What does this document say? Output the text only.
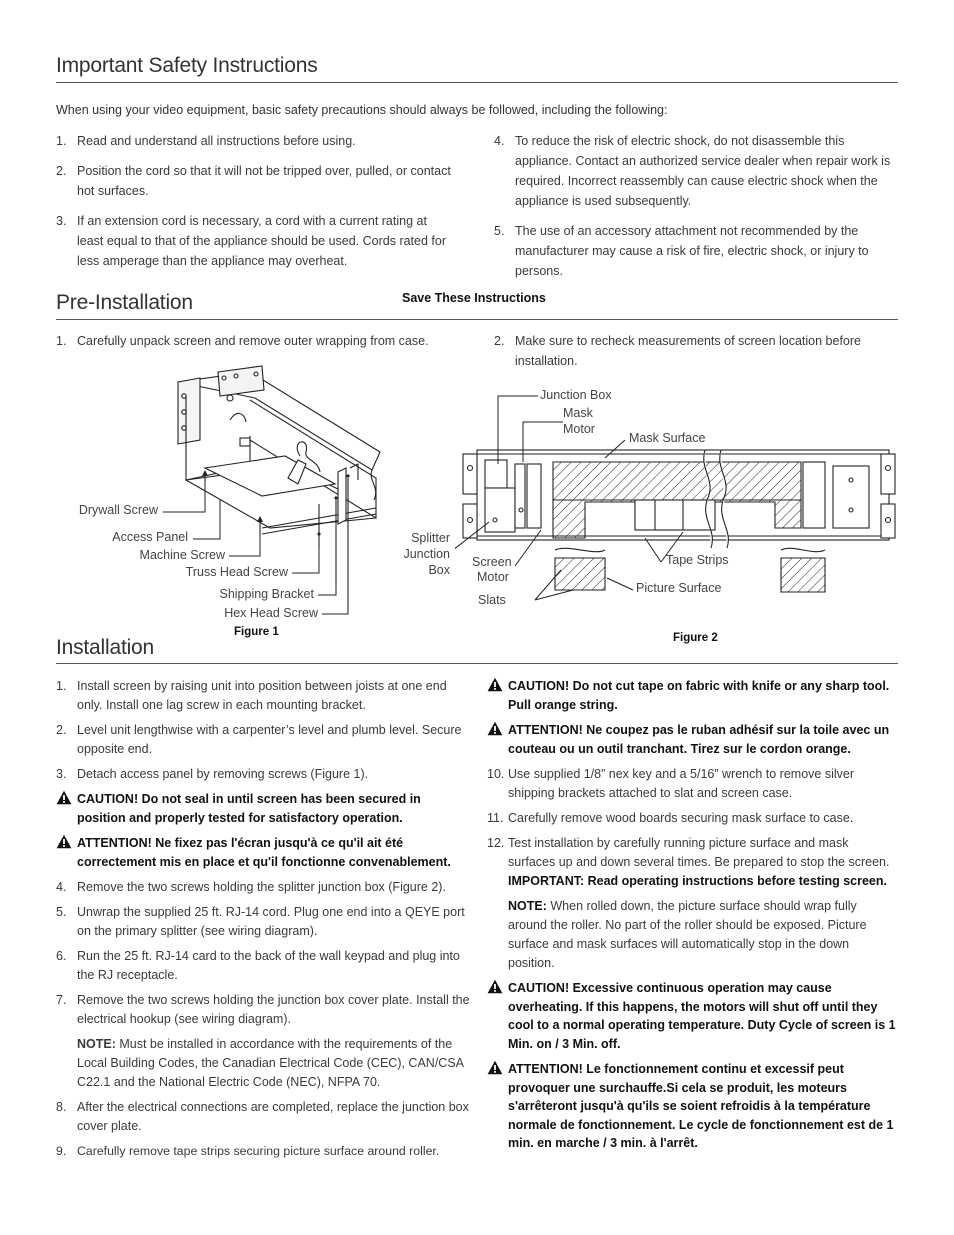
Important Safety Instructions
When using your video equipment, basic safety precautions should always be followed, including the following:
1. Read and understand all instructions before using.
2. Position the cord so that it will not be tripped over, pulled, or contact hot surfaces.
3. If an extension cord is necessary, a cord with a current rating at least equal to that of the appliance should be used. Cords rated for less amperage than the appliance may overheat.
4. To reduce the risk of electric shock, do not disassemble this appliance. Contact an authorized service dealer when repair work is required. Incorrect reassembly can cause electric shock when the appliance is used subsequently.
5. The use of an accessory attachment not recommended by the manufacturer may cause a risk of fire, electric shock, or injury to persons.
Save These Instructions
Pre-Installation
1. Carefully unpack screen and remove outer wrapping from case.	2. Make sure to recheck measurements of screen location before installation.
Drywall Screw
Access Panel
Machine Screw
Truss Head Screw
Shipping Bracket
Hex Head Screw
Figure 1
Junction Box
Mask
Motor
Mask Surface
Splitter
Junction
Box
Screen
Motor
Slats
Tape Strips
Picture Surface
Figure 2
Installation
1. Install screen by raising unit into position between joists at one end only. Install one lag screw in each mounting bracket.
2. Level unit lengthwise with a carpenter’s level and plumb level. Secure opposite end.
3. Detach access panel by removing screws (Figure 1).
CAUTION! Do not seal in until screen has been secured in position and properly tested for satisfactory operation.
ATTENTION! Ne fixez pas l'écran jusqu'à ce qu'il ait été correctement mis en place et qu'il fonctionne convenablement.
4. Remove the two screws holding the splitter junction box (Figure 2).
5. Unwrap the supplied 25 ft. RJ-14 cord. Plug one end into a QEYE port on the primary splitter (see wiring diagram).
6. Run the 25 ft. RJ-14 card to the back of the wall keypad and plug into the RJ receptacle.
7. Remove the two screws holding the junction box cover plate. Install the electrical hookup (see wiring diagram).
NOTE: Must be installed in accordance with the requirements of the Local Building Codes, the Canadian Electrical Code (CEC), CAN/CSA C22.1 and the National Electric Code (NEC), NFPA 70.
8. After the electrical connections are completed, replace the junction box cover plate.
9. Carefully remove tape strips securing picture surface around roller.
CAUTION! Do not cut tape on fabric with knife or any sharp tool. Pull orange string.
ATTENTION! Ne coupez pas le ruban adhésif sur la toile avec un couteau ou un outil tranchant. Tirez sur le cordon orange.
10. Use supplied 1/8” nex key and a 5/16” wrench to remove silver shipping brackets attached to slat and screen case.
11. Carefully remove wood boards securing mask surface to case.
12. Test installation by carefully running picture surface and mask surfaces up and down several times. Be prepared to stop the screen. IMPORTANT: Read operating instructions before testing screen.
NOTE: When rolled down, the picture surface should wrap fully around the roller. No part of the roller should be exposed. Picture surface and mask surfaces will automatically stop in the down position.
CAUTION! Excessive continuous operation may cause overheating. If this happens, the motors will shut off until they cool to a normal operating temperature. Duty Cycle of screen is 1 Min. on / 3 Min. off.
ATTENTION! Le fonctionnement continu et excessif peut provoquer une surchauffe.Si cela se produit, les moteurs s'arrêteront jusqu'à qu'ils se soient refroidis à la température normale de fonctionnement. Le cycle de fonctionnement est de 1 min. en marche / 3 min. à l'arrêt.
